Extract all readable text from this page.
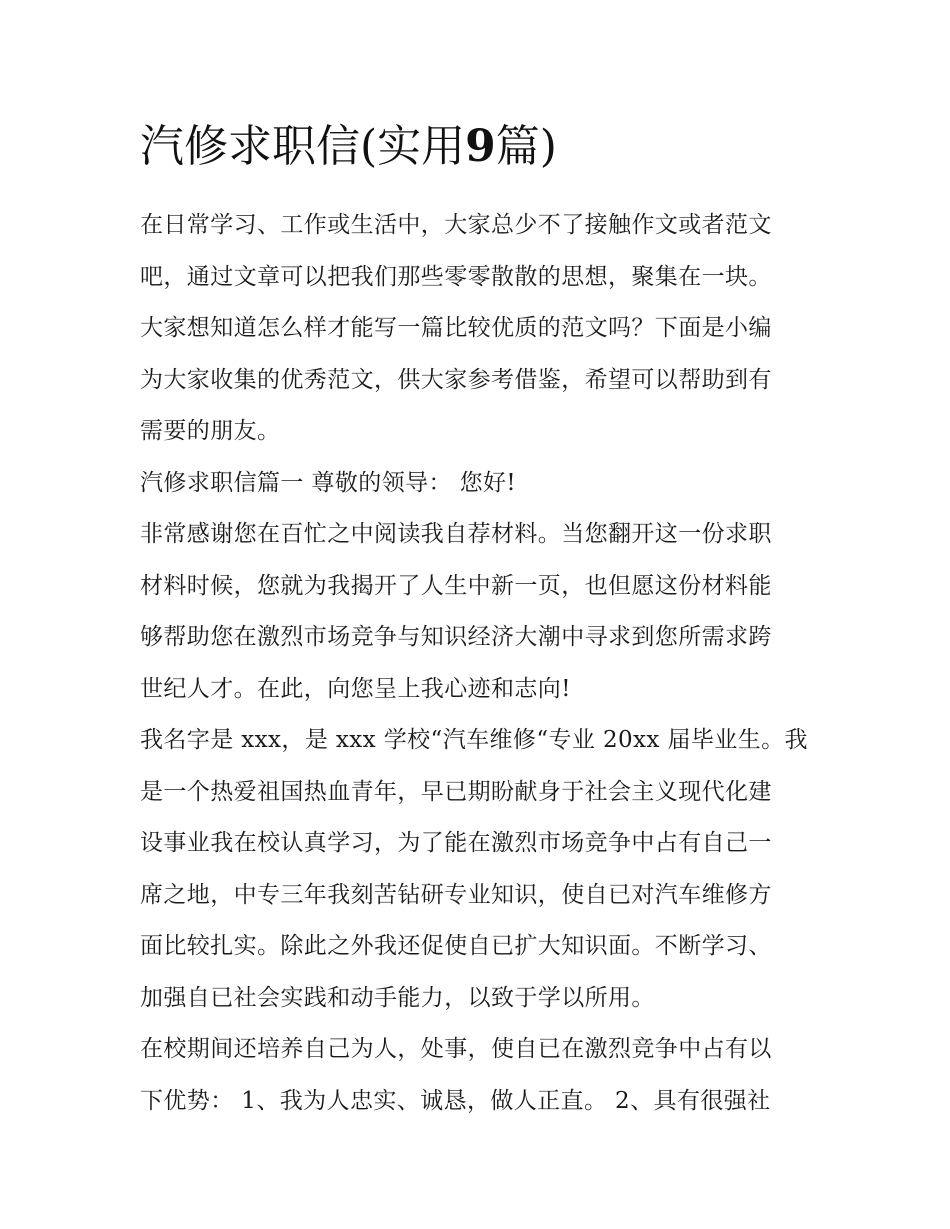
汽修求职信(实用9篇)

在日常学习、工作或生活中，大家总少不了接触作文或者范文
吧，通过文章可以把我们那些零零散散的思想，聚集在一块。
大家想知道怎么样才能写一篇比较优质的范文吗？下面是小编
为大家收集的优秀范文，供大家参考借鉴，希望可以帮助到有
需要的朋友。

汽修求职信篇一 尊敬的领导： 您好!

非常感谢您在百忙之中阅读我自荐材料。当您翻开这一份求职
材料时候，您就为我揭开了人生中新一页，也但愿这份材料能
够帮助您在激烈市场竞争与知识经济大潮中寻求到您所需求跨
世纪人才。在此，向您呈上我心迹和志向!

我名字是 xxx，是 xxx 学校“汽车维修“专业 20xx 届毕业生。我
是一个热爱祖国热血青年，早已期盼献身于社会主义现代化建
设事业我在校认真学习，为了能在激烈市场竞争中占有自己一
席之地，中专三年我刻苦钻研专业知识，使自已对汽车维修方
面比较扎实。除此之外我还促使自已扩大知识面。不断学习、
加强自已社会实践和动手能力，以致于学以所用。

在校期间还培养自己为人，处事，使自已在激烈竞争中占有以
下优势： 1、我为人忠实、诚恳，做人正直。 2、具有很强社
